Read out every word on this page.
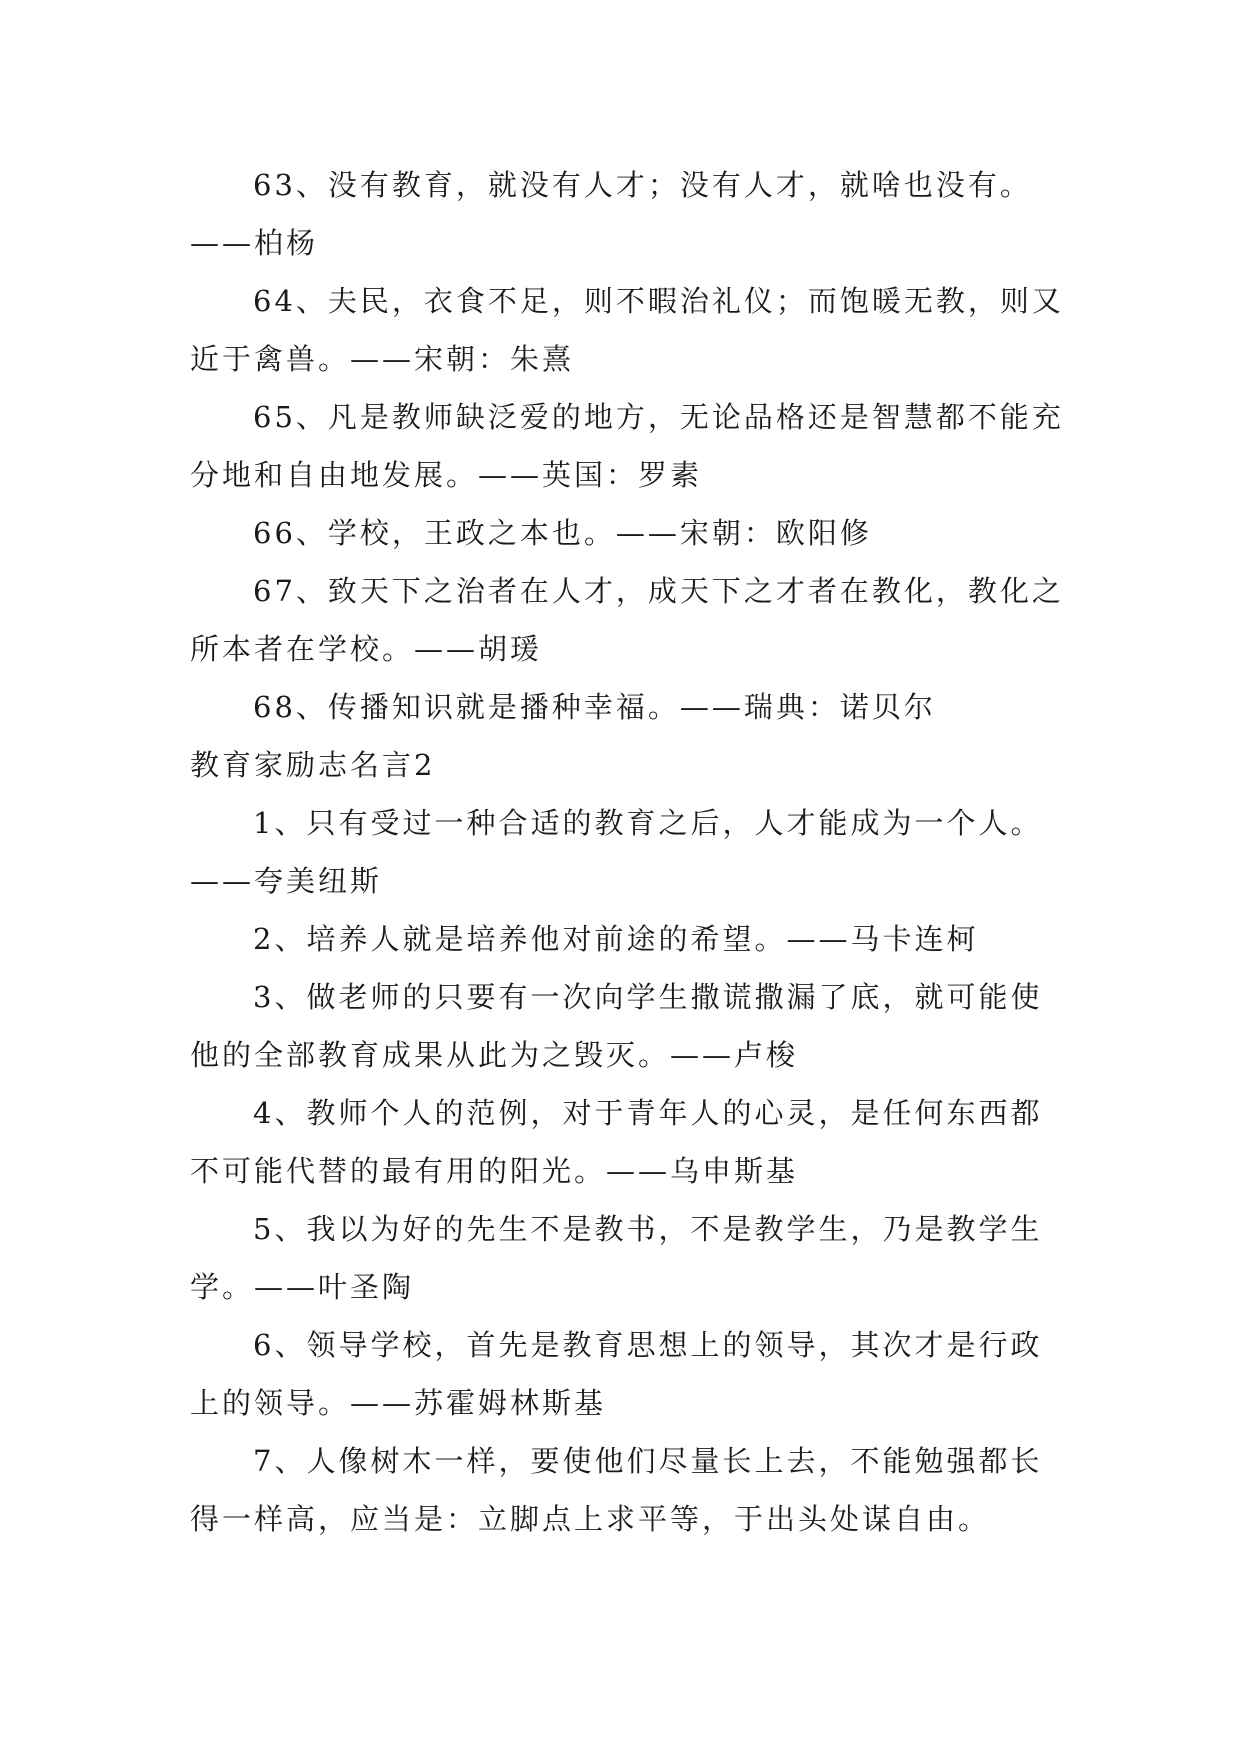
63、没有教育，就没有人才；没有人才，就啥也没有。——柏杨

64、夫民，衣食不足，则不暇治礼仪；而饱暖无教，则又近于禽兽。——宋朝：朱熹

65、凡是教师缺泛爱的地方，无论品格还是智慧都不能充分地和自由地发展。——英国：罗素

66、学校，王政之本也。——宋朝：欧阳修

67、致天下之治者在人才，成天下之才者在教化，教化之所本者在学校。——胡瑗

68、传播知识就是播种幸福。——瑞典：诺贝尔

教育家励志名言2

1、只有受过一种合适的教育之后，人才能成为一个人。——夸美纽斯

2、培养人就是培养他对前途的希望。——马卡连柯

3、做老师的只要有一次向学生撒谎撒漏了底，就可能使他的全部教育成果从此为之毁灭。——卢梭

4、教师个人的范例，对于青年人的心灵，是任何东西都不可能代替的最有用的阳光。——乌申斯基

5、我以为好的先生不是教书，不是教学生，乃是教学生学。——叶圣陶

6、领导学校，首先是教育思想上的领导，其次才是行政上的领导。——苏霍姆林斯基

7、人像树木一样，要使他们尽量长上去，不能勉强都长得一样高，应当是：立脚点上求平等，于出头处谋自由。
